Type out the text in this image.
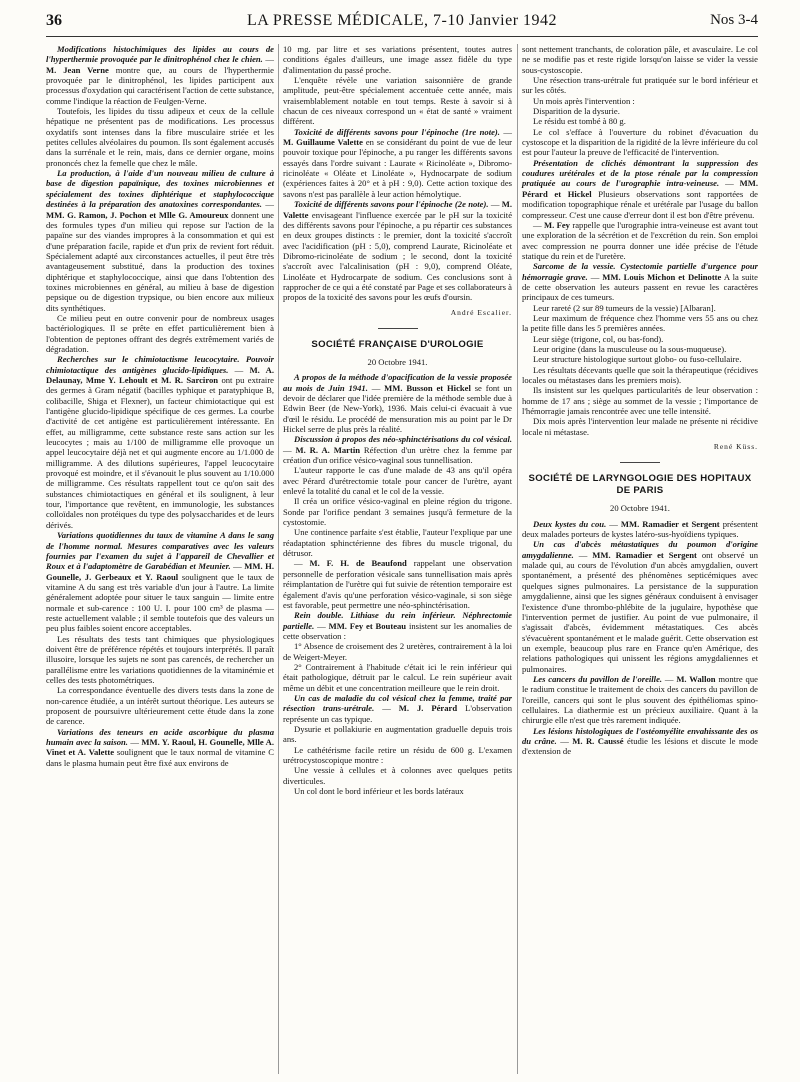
36	LA PRESSE MÉDICALE, 7-10 Janvier 1942	Nos 3-4

Modifications histochimiques des lipides au cours de l'hyperthermie provoquée par le dinitrophénol chez le chien. — M. Jean Verne montre que, au cours de l'hyperthermie provoquée par le dinitrophénol, les lipides participent aux processus d'oxydation qui caractérisent l'action de cette substance, comme l'indique la réaction de Feulgen-Verne.

Toutefois, les lipides du tissu adipeux et ceux de la cellule hépatique ne présentent pas de modifications. Les processus oxydatifs sont intenses dans la fibre musculaire striée et les petites cellules alvéolaires du poumon. Ils sont également accusés dans la surrénale et le rein, mais, dans ce dernier organe, moins prononcés chez la femelle que chez le mâle.

La production, à l'aide d'un nouveau milieu de culture à base de digestion papaïnique, des toxines microbiennes et spécialement des toxines diphtérique et staphylococcique destinées à la préparation des anatoxines correspondantes. — MM. G. Ramon, J. Pochon et Mlle G. Amoureux donnent une des formules types d'un milieu qui repose sur l'action de la papaïne sur des viandes impropres à la consommation et qui est d'une préparation facile, rapide et d'un prix de revient fort réduit. Spécialement adapté aux circonstances actuelles, il peut être très avantageusement substitué, dans la production des toxines diphtérique et staphylococcique, ainsi que dans l'obtention des toxines microbiennes en général, au milieu à base de digestion pepsique ou de digestion trypsique, ou bien encore aux milieux dits synthétiques.

Ce milieu peut en outre convenir pour de nombreux usages bactériologiques. Il se prête en effet particulièrement bien à l'obtention de peptones offrant des degrés extrêmement variés de dégradation.

Recherches sur le chimiotactisme leucocytaire. Pouvoir chimiotactique des antigènes glucido-lipidiques. — M. A. Delaunay, Mme Y. Lehoult et M. R. Sarciron ont pu extraire des germes à Gram négatif (bacilles typhique et paratyphique B, colibacille, Shiga et Flexner), un facteur chimiotactique qui est l'antigène glucido-lipidique spécifique de ces germes. La courbe d'activité de cet antigène est particulièrement intéressante. En effet, au milligramme, cette substance reste sans action sur les leucocytes ; mais au 1/100 de milligramme elle provoque un appel leucocytaire déjà net et qui augmente encore au 1/1.000 de milligramme. A des dilutions supérieures, l'appel leucocytaire provoqué est moindre, et il s'évanouit le plus souvent au 1/10.000 de milligramme. Ces résultats rappellent tout ce qu'on sait des substances chimiotactiques en général et ils soulignent, à leur tour, l'importance que revêtent, en immunologie, les substances colloïdales non protéiques du type des polysaccharides et de leurs dérivés.

Variations quotidiennes du taux de vitamine A dans le sang de l'homme normal. Mesures comparatives avec les valeurs fournies par l'examen du sujet à l'appareil de Chevallier et Roux et à l'adaptomètre de Garabédian et Meunier. — MM. H. Gounelle, J. Gerbeaux et Y. Raoul soulignent que le taux de vitamine A du sang est très variable d'un jour à l'autre. La limite généralement adoptée pour situer le taux sanguin — limite entre normale et sub-carence : 100 U. I. pour 100 cm³ de plasma — reste actuellement valable ; il semble toutefois que des valeurs un peu plus faibles soient encore acceptables.

Les résultats des tests tant chimiques que physiologiques doivent être de préférence répétés et toujours interprétés. Il paraît illusoire, lorsque les sujets ne sont pas carencés, de rechercher un parallélisme entre les variations quotidiennes de la vitaminémie et celles des tests photométriques.

La correspondance éventuelle des divers tests dans la zone de non-carence étudiée, a un intérêt surtout théorique. Les auteurs se proposent de poursuivre ultérieurement cette étude dans la zone de carence.

Variations des teneurs en acide ascorbique du plasma humain avec la saison. — MM. Y. Raoul, H. Gounelle, Mlle A. Vinet et A. Valette soulignent que le taux normal de vitamine C dans le plasma humain peut être fixé aux environs de

10 mg. par litre et ses variations présentent, toutes autres conditions égales d'ailleurs, une image assez fidèle du type d'alimentation du passé proche.

L'enquête révèle une variation saisonnière de grande amplitude, peut-être spécialement accentuée cette année, mais vraisemblablement notable en tout temps. Reste à savoir si à chacun de ces niveaux correspond un « état de santé » vraiment différent.

Toxicité de différents savons pour l'épinoche (1re note). — M. Guillaume Valette en se considérant du point de vue de leur pouvoir toxique pour l'épinoche, a pu ranger les différents savons essayés dans l'ordre suivant : Laurate « Ricinoléate », Dibromo-ricinoléate « Oléate et Linoléate », Hydnocarpate de sodium (expériences faites à 20° et à pH : 9,0). Cette action toxique des savons n'est pas parallèle à leur action hémolytique.

Toxicité de différents savons pour l'épinoche (2e note). — M. Valette envisageant l'influence exercée par le pH sur la toxicité des différents savons pour l'épinoche, a pu répartir ces substances en deux groupes distincts : le premier, dont la toxicité s'accroît avec l'acidification (pH : 5,0), comprend Laurate, Ricinoléate et Dibromo-ricinoléate de sodium ; le second, dont la toxicité s'accroît avec l'alcalinisation (pH : 9,0), comprend Oléate, Linoléate et Hydrocarpate de sodium. Ces conclusions sont à rapprocher de ce qui a été constaté par Page et ses collaborateurs à propos de la toxicité des savons pour les œufs d'oursin.

André Escalier.

SOCIÉTÉ FRANÇAISE D'UROLOGIE

20 Octobre 1941.

A propos de la méthode d'opacification de la vessie proposée au mois de Juin 1941. — MM. Busson et Hickel se font un devoir de déclarer que l'idée première de la méthode semble due à Edwin Beer (de New-York), 1936. Mais celui-ci évacuait à vue d'œil le résidu. Le procédé de mensuration mis au point par le Dr Hickel serre de plus près la réalité.

Discussion à propos des néo-sphinctérisations du col vésical. — M. R. A. Martin Réfection d'un urètre chez la femme par création d'un orifice vésico-vaginal sous tunnellisation.

L'auteur rapporte le cas d'une malade de 43 ans qu'il opéra avec Pérard d'urétrectomie totale pour cancer de l'urètre, ayant enlevé la totalité du canal et le col de la vessie.

Il créa un orifice vésico-vaginal en pleine région du trigone. Sonde par l'orifice pendant 3 semaines jusqu'à fermeture de la cystostomie.

Une continence parfaite s'est établie, l'auteur l'explique par une réadaptation sphinctérienne des fibres du muscle trigonal, du détrusor.

— M. F. H. de Beaufond rappelant une observation personnelle de perforation vésicale sans tunnellisation mais après réimplantation de l'urètre qui fut suivie de rétention temporaire est également d'avis qu'une perforation vésico-vaginale, si son siège est favorable, peut permettre une néo-sphinctérisation.

Rein double. Lithiase du rein inférieur. Néphrectomie partielle. — MM. Fey et Bouteau insistent sur les anomalies de cette observation :

1° Absence de croisement des 2 uretères, contrairement à la loi de Weigert-Meyer.

2° Contrairement à l'habitude c'était ici le rein inférieur qui était pathologique, détruit par le calcul. Le rein supérieur avait même un débit et une concentration meilleure que le rein droit.

Un cas de maladie du col vésical chez la femme, traité par résection trans-urétrale. — M. J. Pérard L'observation représente un cas typique.

Dysurie et pollakiurie en augmentation graduelle depuis trois ans.

Le cathétérisme facile retire un résidu de 600 g. L'examen urétrocystoscopique montre :

Une vessie à cellules et à colonnes avec quelques petits diverticules.

Un col dont le bord inférieur et les bords latéraux

sont nettement tranchants, de coloration pâle, et avasculaire. Le col ne se modifie pas et reste rigide lorsqu'on laisse se vider la vessie sous-cystoscopie.

Une résection trans-urétrale fut pratiquée sur le bord inférieur et sur les côtés.

Un mois après l'intervention :

Disparition de la dysurie.

Le résidu est tombé à 80 g.

Le col s'efface à l'ouverture du robinet d'évacuation du cystoscope et la disparition de la rigidité de la lèvre inférieure du col est pour l'auteur la preuve de l'efficacité de l'intervention.

Présentation de clichés démontrant la suppression des coudures urétérales et de la ptose rénale par la compression pratiquée au cours de l'urographie intra-veineuse. — MM. Pérard et Hickel Plusieurs observations sont rapportées de modification topographique rénale et urétérale par l'usage du ballon compresseur. C'est une cause d'erreur dont il est bon d'être prévenu.

— M. Fey rappelle que l'urographie intra-veineuse est avant tout une exploration de la sécrétion et de l'excrétion du rein. Son emploi avec compression ne pourra donner une idée précise de l'étude statique du rein et de l'uretère.

Sarcome de la vessie. Cystectomie partielle d'urgence pour hémorragie grave. — MM. Louis Michon et Delinotte A la suite de cette observation les auteurs passent en revue les caractères principaux de ces tumeurs.

Leur rareté (2 sur 89 tumeurs de la vessie) [Albaran].

Leur maximum de fréquence chez l'homme vers 55 ans ou chez la petite fille dans les 5 premières années.

Leur siège (trigone, col, ou bas-fond).

Leur origine (dans la musculeuse ou la sous-muqueuse).

Leur structure histologique surtout globo- ou fuso-cellulaire.

Les résultats décevants quelle que soit la thérapeutique (récidives locales ou métastases dans les premiers mois).

Ils insistent sur les quelques particularités de leur observation : homme de 17 ans ; siège au sommet de la vessie ; l'importance de l'hémorragie jamais rencontrée avec une telle intensité.

Dix mois après l'intervention leur malade ne présente ni récidive locale ni métastase.

René Küss.

SOCIÉTÉ DE LARYNGOLOGIE DES HOPITAUX DE PARIS

20 Octobre 1941.

Deux kystes du cou. — MM. Ramadier et Sergent présentent deux malades porteurs de kystes latéro-sus-hyoïdiens typiques.

Un cas d'abcès métastatiques du poumon d'origine amygdalienne. — MM. Ramadier et Sergent ont observé un malade qui, au cours de l'évolution d'un abcès amygdalien, ouvert spontanément, a présenté des phénomènes septicémiques avec quelques signes pulmonaires. La persistance de la suppuration amygdalienne, ainsi que les signes généraux conduisent à envisager l'existence d'une thrombo-phlébite de la jugulaire, hypothèse que l'intervention permet de justifier. Au point de vue pulmonaire, il s'agissait d'abcès, évidemment métastatiques. Ces abcès s'évacuèrent spontanément et le malade guérit. Cette observation est un exemple, beaucoup plus rare en France qu'en Amérique, des relations pathologiques qui unissent les régions amygdaliennes et pulmonaires.

Les cancers du pavillon de l'oreille. — M. Wallon montre que le radium constitue le traitement de choix des cancers du pavillon de l'oreille, cancers qui sont le plus souvent des épithéliomas spino-cellulaires. La diathermie est un précieux auxiliaire. Quant à la chirurgie elle n'est que très rarement indiquée.

Les lésions histologiques de l'ostéomyélite envahissante des os du crâne. — M. R. Caussé étudie les lésions et discute le mode d'extension de
